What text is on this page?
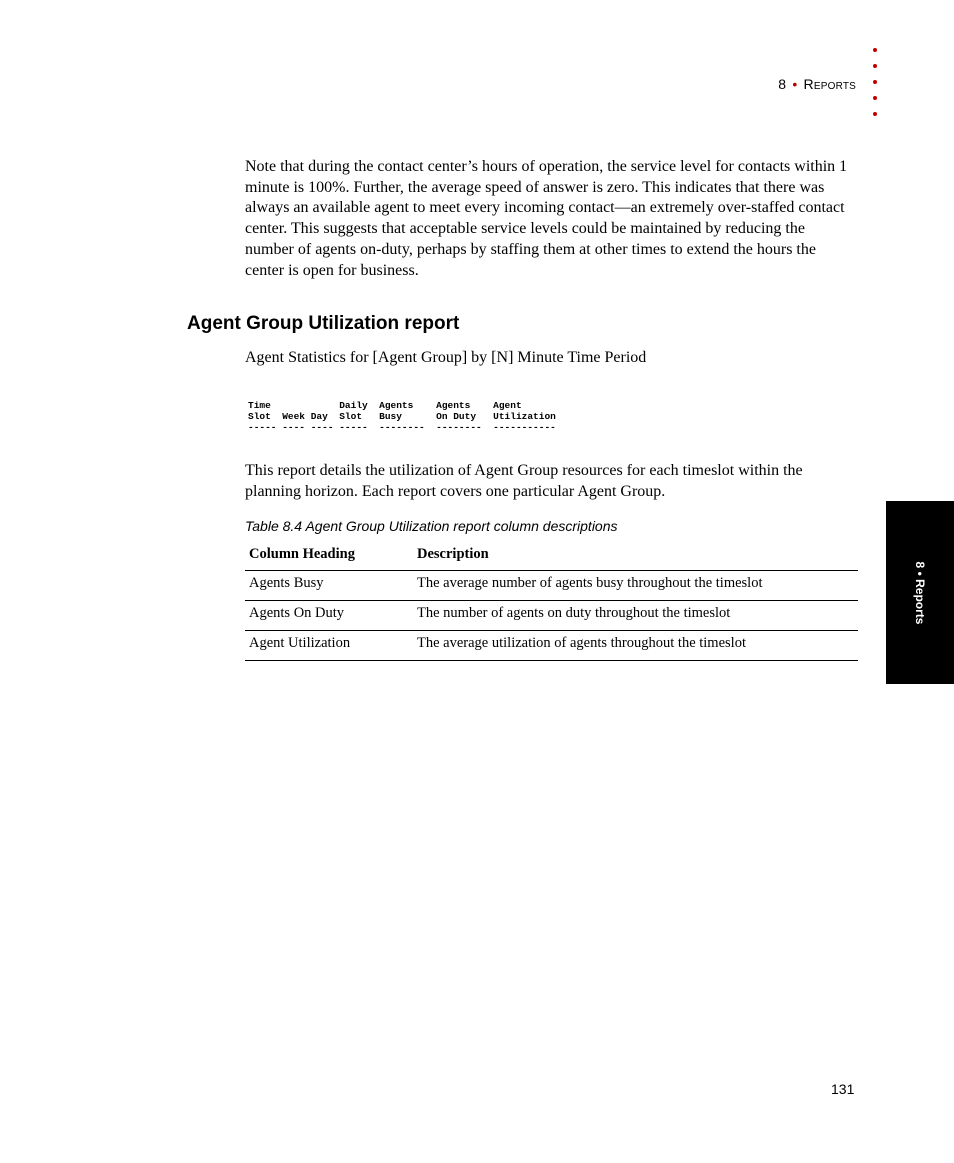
8 • Reports
8 • Reports
Note that during the contact center’s hours of operation, the service level for contacts within 1 minute is 100%. Further, the average speed of answer is zero. This indicates that there was always an available agent to meet every incoming contact—an extremely over-staffed contact center. This suggests that acceptable service levels could be maintained by reducing the number of agents on-duty, perhaps by staffing them at other times to extend the hours the center is open for business.
Agent Group Utilization report
Agent Statistics for [Agent Group] by [N] Minute Time Period
Time            Daily  Agents    Agents    Agent
Slot  Week Day  Slot   Busy      On Duty   Utilization
----- ---- ---- -----  --------  --------  -----------
This report details the utilization of Agent Group resources for each timeslot within the planning horizon. Each report covers one particular Agent Group.
Table 8.4 Agent Group Utilization report column descriptions
Column Heading	Description
Agents Busy	The average number of agents busy throughout the timeslot
Agents On Duty	The number of agents on duty throughout the timeslot
Agent Utilization	The average utilization of agents throughout the timeslot
131
